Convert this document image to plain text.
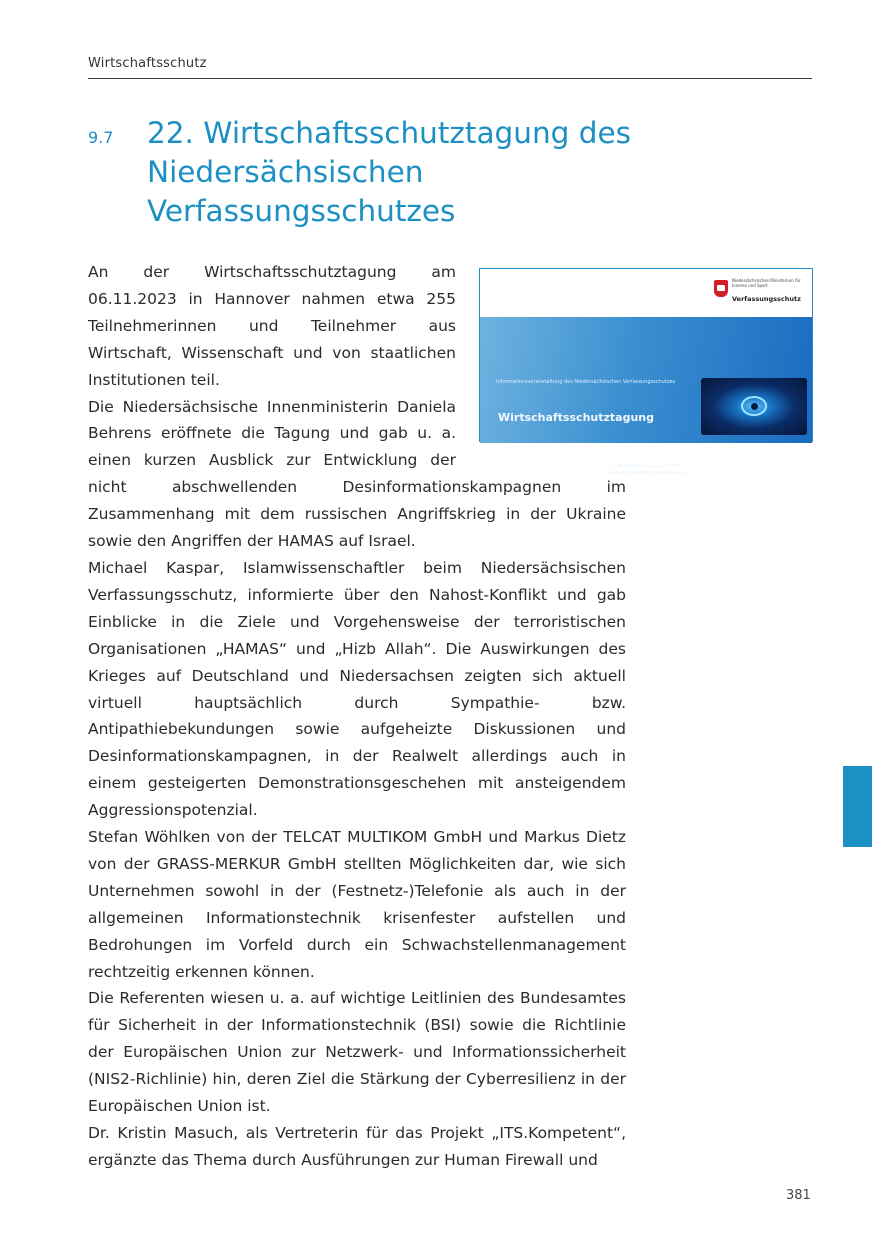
Wirtschaftsschutz
9.7 22. Wirtschaftsschutztagung des Niedersächsischen Verfassungsschutzes

An der Wirtschaftsschutztagung am 06.11.2023 in Hannover nahmen etwa 255 Teilnehmerinnen und Teilnehmer aus Wirtschaft, Wissenschaft und von staatlichen Institutionen teil.

Die Niedersächsische Innenministerin Daniela Behrens eröffnete die Tagung und gab u. a. einen kurzen Ausblick zur Entwicklung der nicht abschwellenden Desinformationskampagnen im Zusammenhang mit dem russischen Angriffskrieg in der Ukraine sowie den Angriffen der HAMAS auf Israel.

Michael Kaspar, Islamwissenschaftler beim Niedersächsischen Verfassungsschutz, informierte über den Nahost-Konflikt und gab Einblicke in die Ziele und Vorgehensweise der terroristischen Organisationen „HAMAS“ und „Hizb Allah“. Die Auswirkungen des Krieges auf Deutschland und Niedersachsen zeigten sich aktuell virtuell hauptsächlich durch Sympathie- bzw. Antipathiebekundungen sowie aufgeheizte Diskussionen und Desinformationskampagnen, in der Realwelt allerdings auch in einem gesteigerten Demonstrationsgeschehen mit ansteigendem Aggressionspotenzial.

Stefan Wöhlken von der TELCAT MULTIKOM GmbH und Markus Dietz von der GRASS-MERKUR GmbH stellten Möglichkeiten dar, wie sich Unternehmen sowohl in der (Festnetz-)Telefonie als auch in der allgemeinen Informationstechnik krisenfester aufstellen und Bedrohungen im Vorfeld durch ein Schwachstellenmanagement rechtzeitig erkennen können.

Die Referenten wiesen u. a. auf wichtige Leitlinien des Bundesamtes für Sicherheit in der Informationstechnik (BSI) sowie die Richtlinie der Europäischen Union zur Netzwerk- und Informationssicherheit (NIS2-Richlinie) hin, deren Ziel die Stärkung der Cyberresilienz in der Europäischen Union ist.

Dr. Kristin Masuch, als Vertreterin für das Projekt „ITS.Kompetent“, ergänzte das Thema durch Ausführungen zur Human Firewall und

Niedersächsisches Ministerium für Inneres und Sport
Verfassungsschutz
Informationsveranstaltung des Niedersächsischen Verfassungsschutzes
Wirtschaftsschutztagung
6. November 2023, 12:30 Uhr
im Maritim Airport Hotel Hannover
381
